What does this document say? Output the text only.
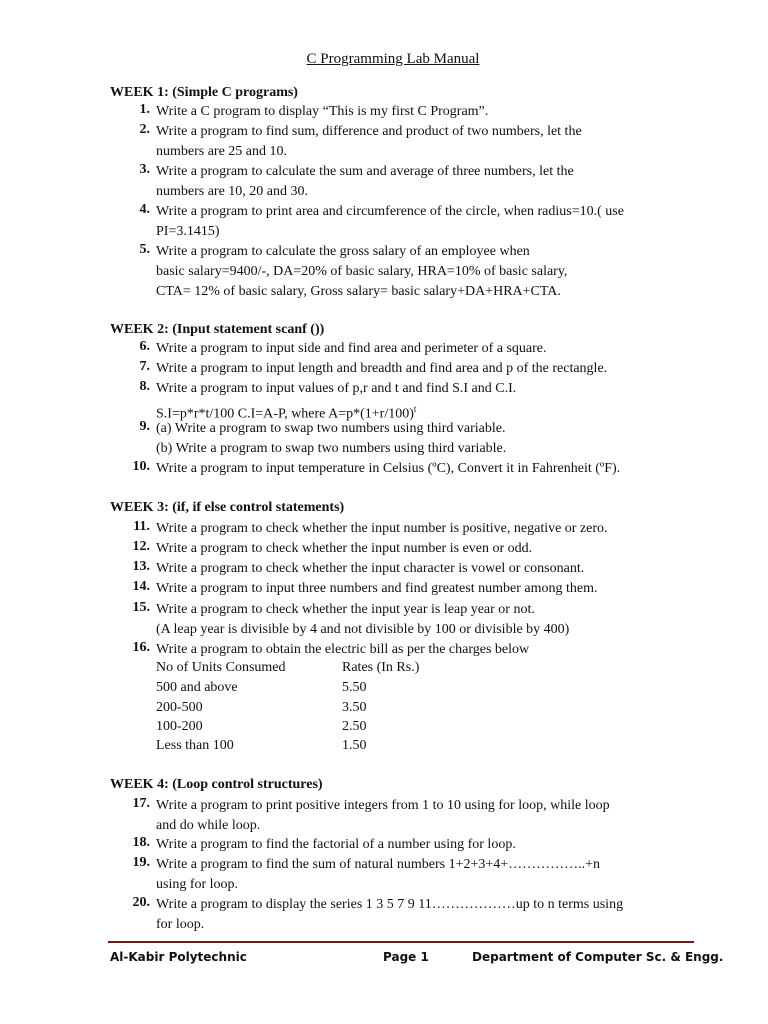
C Programming Lab Manual
WEEK 1: (Simple C programs)
1. Write a C program to display “This is my first C Program”.
2. Write a program to find sum, difference and product of two numbers, let the
numbers are 25 and 10.
3. Write a program to calculate the sum and average of three numbers, let the
numbers are 10, 20 and 30.
4. Write a program to print area and circumference of the circle, when radius=10.( use
PI=3.1415)
5. Write a program to calculate the gross salary of an employee when
basic salary=9400/-, DA=20% of basic salary, HRA=10% of basic salary,
CTA= 12% of basic salary, Gross salary= basic salary+DA+HRA+CTA.
WEEK 2: (Input statement scanf ())
6. Write a program to input side and find area and perimeter of a square.
7. Write a program to input length and breadth and find area and p of the rectangle.
8. Write a program to input values of p,r and t and find S.I and C.I.
S.I=p*r*t/100 C.I=A-P, where $A=p*(1+r/100)^t$
9. (a) Write a program to swap two numbers using third variable.
(b) Write a program to swap two numbers using third variable.
10. Write a program to input temperature in Celsius (ºC), Convert it in Fahrenheit (ºF).
WEEK 3: (if, if else control statements)
11. Write a program to check whether the input number is positive, negative or zero.
12. Write a program to check whether the input number is even or odd.
13. Write a program to check whether the input character is vowel or consonant.
14. Write a program to input three numbers and find greatest number among them.
15. Write a program to check whether the input year is leap year or not.
(A leap year is divisible by 4 and not divisible by 100 or divisible by 400)
16. Write a program to obtain the electric bill as per the charges below
No of Units Consumed	Rates (In Rs.)
500 and above	5.50
200-500	3.50
100-200	2.50
Less than 100	1.50
WEEK 4: (Loop control structures)
17. Write a program to print positive integers from 1 to 10 using for loop, while loop
and do while loop.
18. Write a program to find the factorial of a number using for loop.
19. Write a program to find the sum of natural numbers 1+2+3+4+……………..+n
using for loop.
20. Write a program to display the series 1 3 5 7 9 11………………up to n terms using
for loop.
Al-Kabir Polytechnic	Page 1	Department of Computer Sc. & Engg.
